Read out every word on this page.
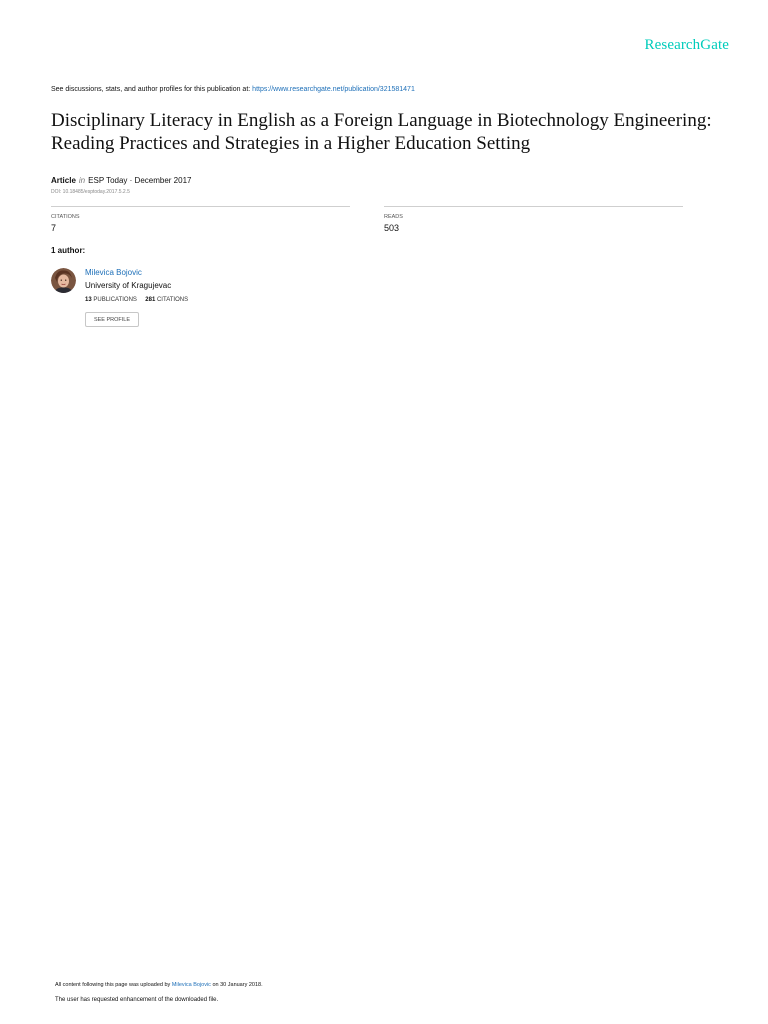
ResearchGate
See discussions, stats, and author profiles for this publication at: https://www.researchgate.net/publication/321581471
Disciplinary Literacy in English as a Foreign Language in Biotechnology Engineering: Reading Practices and Strategies in a Higher Education Setting
Article in ESP Today · December 2017
DOI: 10.18485/esptoday.2017.5.2.5
CITATIONS
7
READS
503
1 author:
Milevica Bojovic
University of Kragujevac
13 PUBLICATIONS 281 CITATIONS
SEE PROFILE
All content following this page was uploaded by Milevica Bojovic on 30 January 2018.
The user has requested enhancement of the downloaded file.
